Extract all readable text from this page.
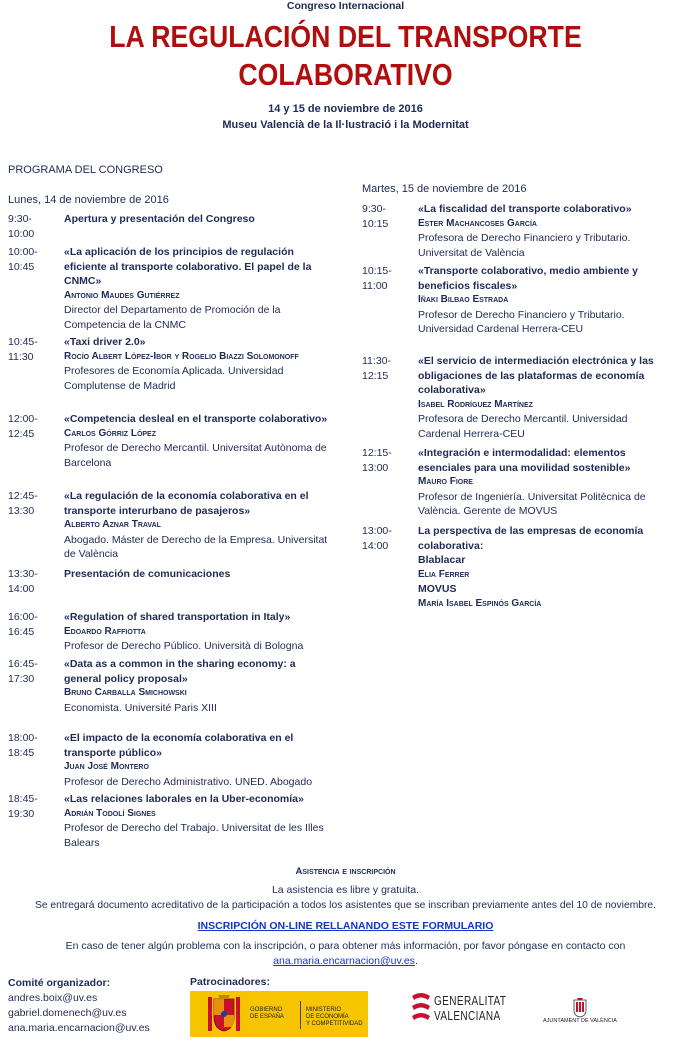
Congreso Internacional
LA REGULACIÓN DEL TRANSPORTE
COLABORATIVO
14 y 15 de noviembre de 2016
Museu Valencià de la Il·lustració i la Modernitat
PROGRAMA DEL CONGRESO
Lunes, 14 de noviembre de 2016
9:30-
10:00
Apertura y presentación del Congreso
10:00-
10:45
«La aplicación de los principios de regulación eficiente al transporte colaborativo. El papel de la CNMC»
Antonio Maudes Gutiérrez
Director del Departamento de Promoción de la Competencia de la CNMC
10:45-
11:30
«Taxi driver 2.0»
Rocío Albert López-Ibor y Rogelio Biazzi Solomonoff
Profesores de Economía Aplicada. Universidad Complutense de Madrid
12:00-
12:45
«Competencia desleal en el transporte colaborativo»
Carlos Górriz López
Profesor de Derecho Mercantil. Universitat Autònoma de Barcelona
12:45-
13:30
«La regulación de la economía colaborativa en el transporte interurbano de pasajeros»
Alberto Aznar Traval
Abogado. Máster de Derecho de la Empresa. Universitat de València
13:30-
14:00
Presentación de comunicaciones
16:00-
16:45
«Regulation of shared transportation in Italy»
Edoardo Raffiotta
Profesor de Derecho Público. Università di Bologna
16:45-
17:30
«Data as a common in the sharing economy: a general policy proposal»
Bruno Carballa Smichowski
Economista. Université Paris XIII
18:00-
18:45
«El impacto de la economía colaborativa en el transporte público»
Juan José Montero
Profesor de Derecho Administrativo. UNED. Abogado
18:45-
19:30
«Las relaciones laborales en la Uber-economía»
Adrián Todolí Signes
Profesor de Derecho del Trabajo. Universitat de les Illes Balears
Martes, 15 de noviembre de 2016
9:30-
10:15
«La fiscalidad del transporte colaborativo»
Ester Machancoses García
Profesora de Derecho Financiero y Tributario. Universitat de València
10:15-
11:00
«Transporte colaborativo, medio ambiente y beneficios fiscales»
Iñaki Bilbao Estrada
Profesor de Derecho Financiero y Tributario. Universidad Cardenal Herrera-CEU
11:30-
12:15
«El servicio de intermediación electrónica y las obligaciones de las plataformas de economía colaborativa»
Isabel Rodríguez Martínez
Profesora de Derecho Mercantil. Universidad Cardenal Herrera-CEU
12:15-
13:00
«Integración e intermodalidad: elementos esenciales para una movilidad sostenible»
Mauro Fiore
Profesor de Ingeniería. Universitat Politècnica de València. Gerente de MOVUS
13:00-
14:00
La perspectiva de las empresas de economía colaborativa:
Blablacar
Elia Ferrer
MOVUS
María Isabel Espinós García
Asistencia e inscripción
La asistencia es libre y gratuita.
Se entregará documento acreditativo de la participación a todos los asistentes que se inscriban previamente antes del 10 de noviembre.
INSCRIPCIÓN ON-LINE RELLANANDO ESTE FORMULARIO
En caso de tener algún problema con la inscripción, o para obtener más información, por favor póngase en contacto con
ana.maria.encarnacion@uv.es.
Comité organizador:
andres.boix@uv.es
gabriel.domenech@uv.es
ana.maria.encarnacion@uv.es
Patrocinadores:
GOBIERNO
DE ESPAÑA
MINISTERIO
DE ECONOMÍA
Y COMPETITIVIDAD
GENERALITAT
VALENCIANA	AJUNTAMENT DE VALÈNCIA
